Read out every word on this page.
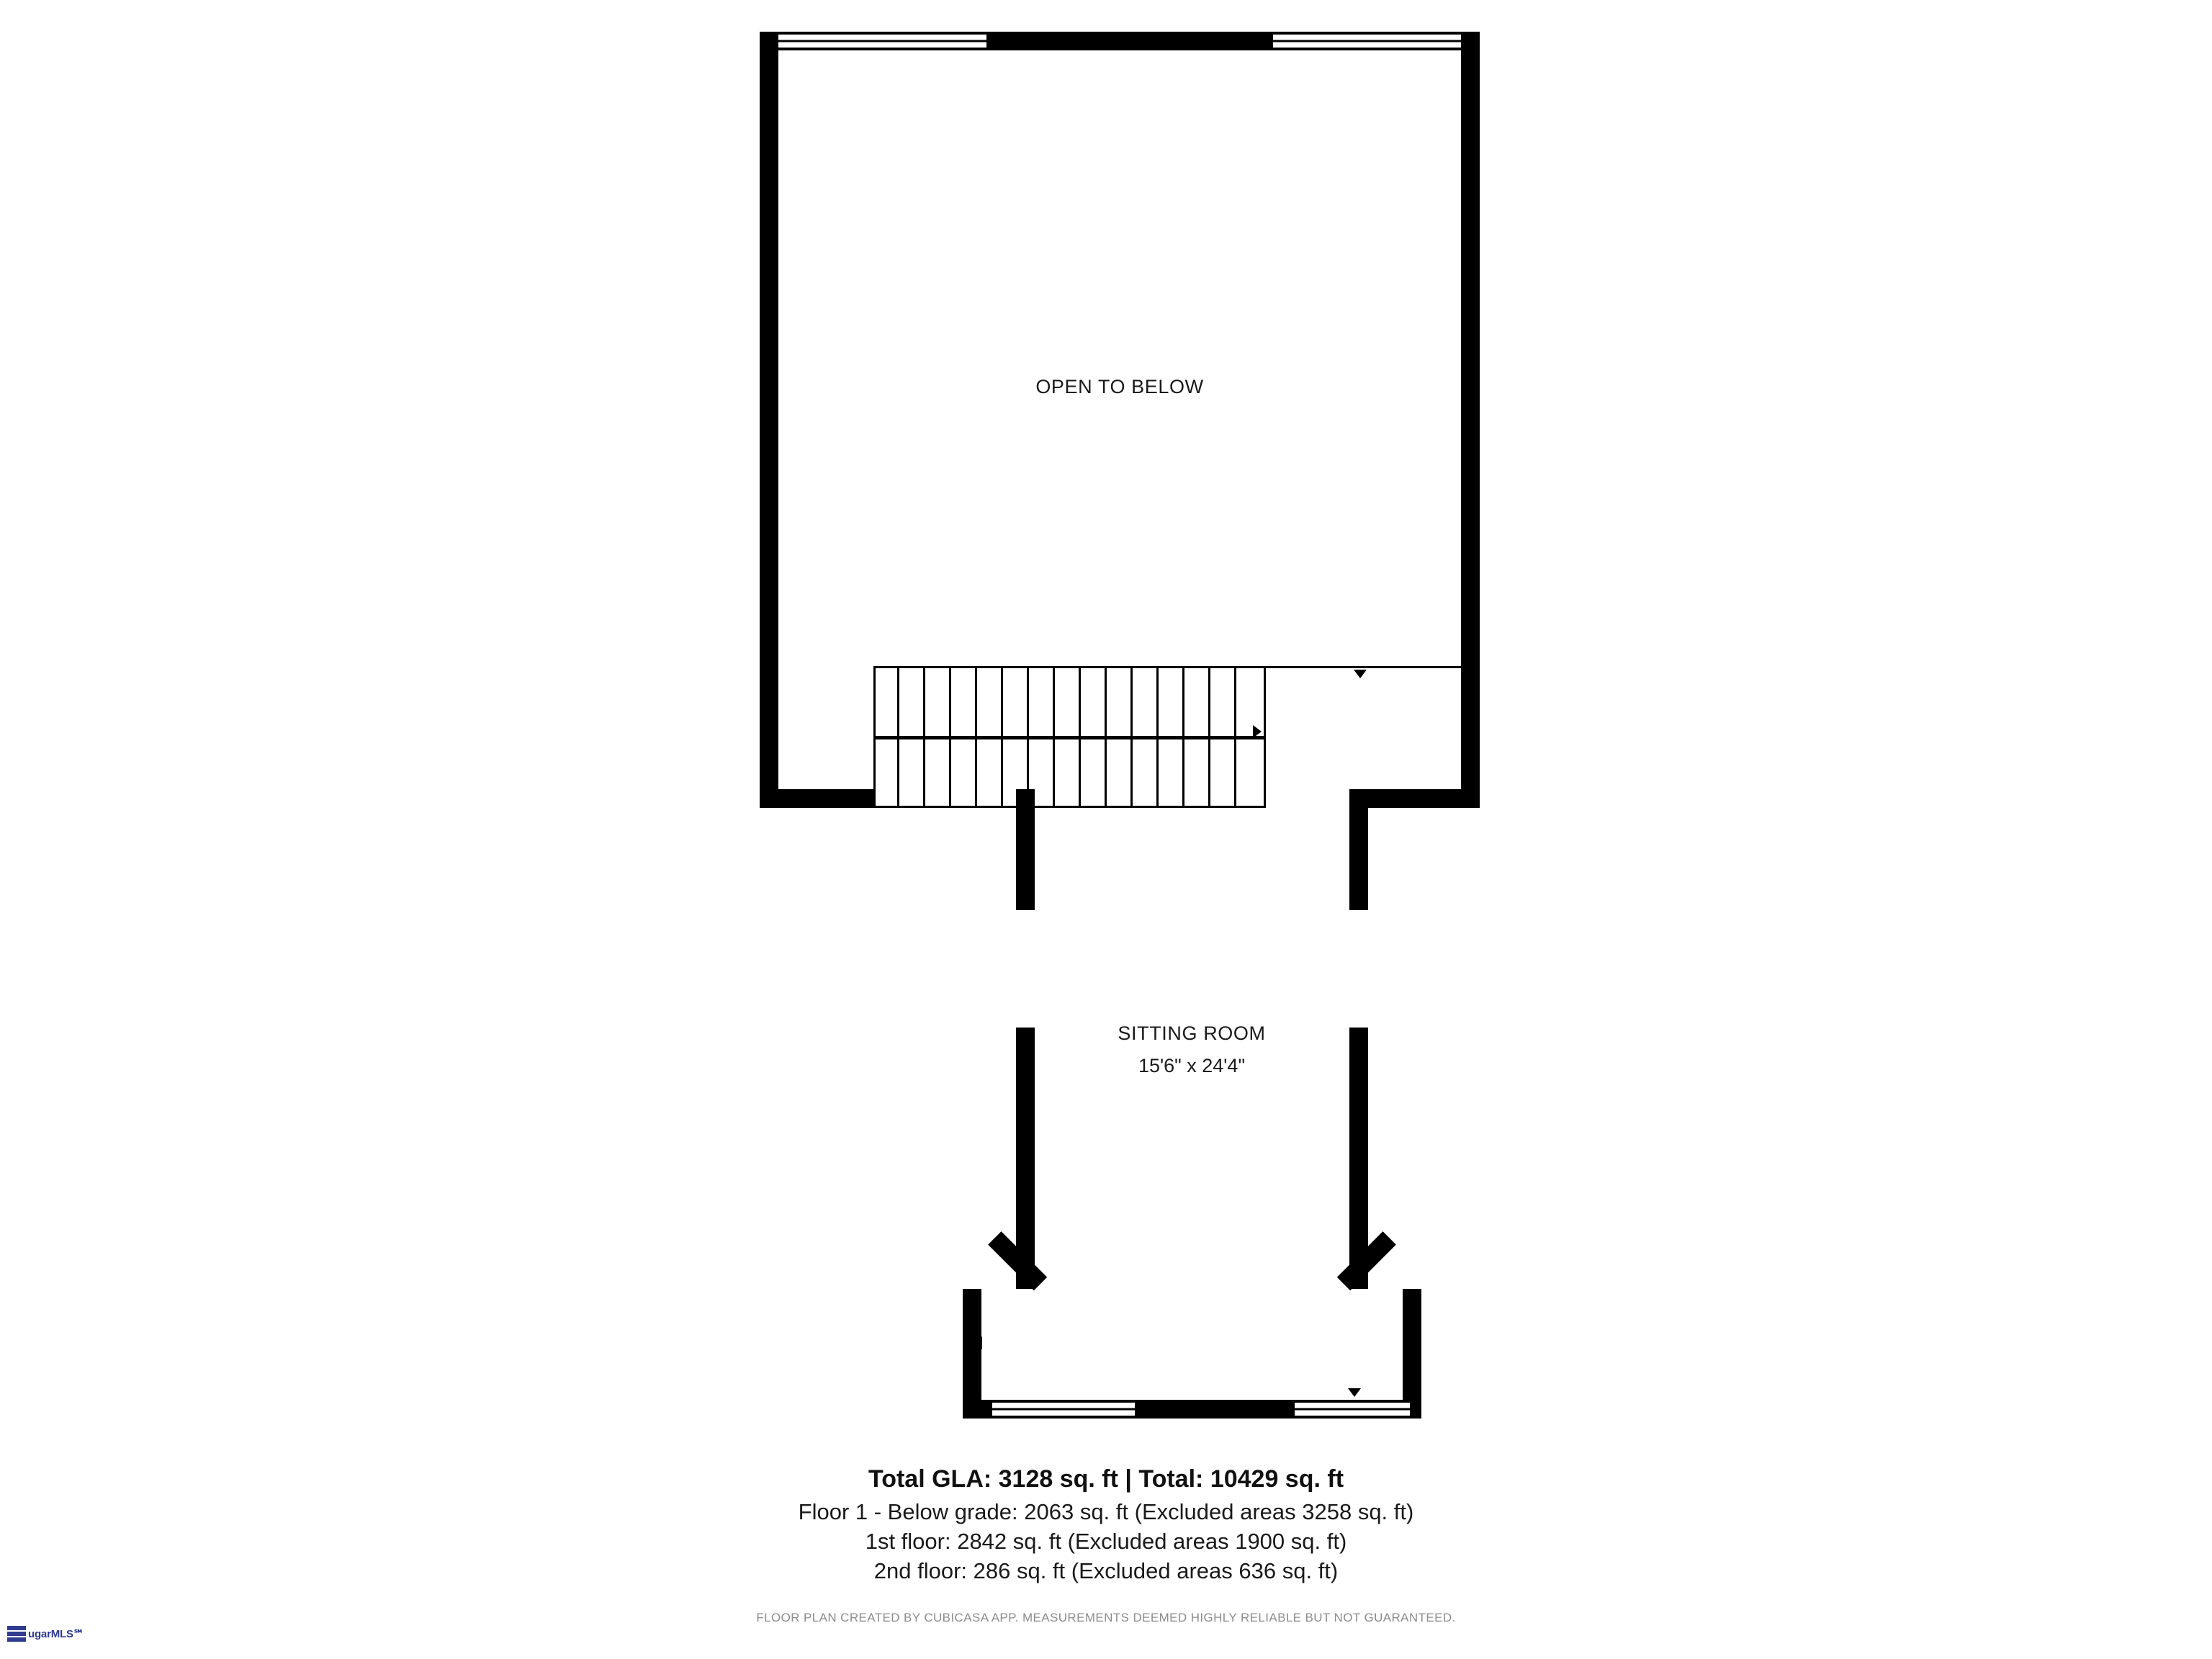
OPEN TO BELOW
SITTING ROOM
15'6" x 24'4"
Total GLA: 3128 sq. ft | Total: 10429 sq. ft
Floor 1 - Below grade: 2063 sq. ft (Excluded areas 3258 sq. ft)
1st floor: 2842 sq. ft (Excluded areas 1900 sq. ft)
2nd floor: 286 sq. ft (Excluded areas 636 sq. ft)
FLOOR PLAN CREATED BY CUBICASA APP. MEASUREMENTS DEEMED HIGHLY RELIABLE BUT NOT GUARANTEED.
ugarMLS℠
